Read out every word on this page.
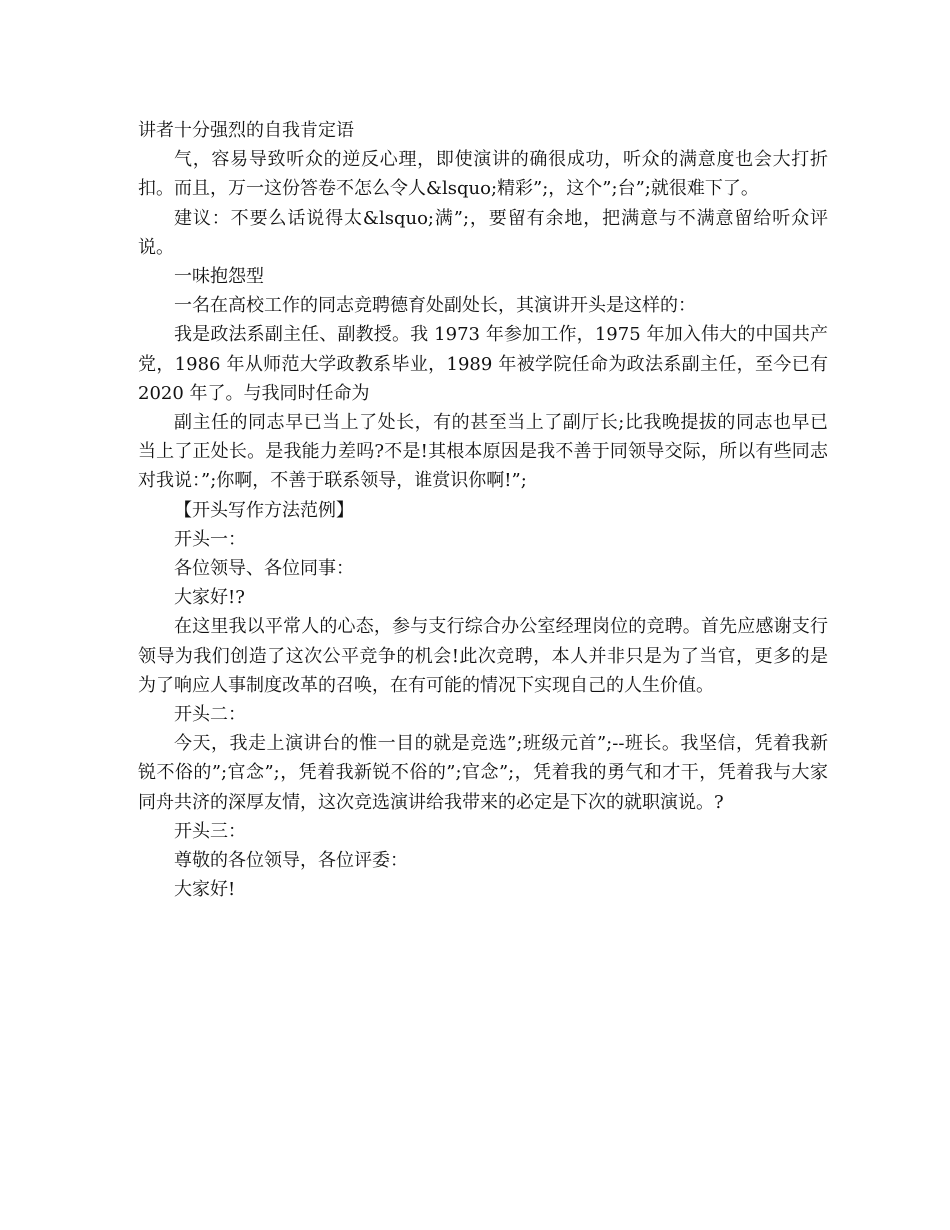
讲者十分强烈的自我肯定语

气，容易导致听众的逆反心理，即使演讲的确很成功，听众的满意度也会大打折扣。而且，万一这份答卷不怎么令人&lsquo;精彩”;，这个”;台”;就很难下了。

建议：不要么话说得太&lsquo;满”;，要留有余地，把满意与不满意留给听众评说。

一味抱怨型

一名在高校工作的同志竞聘德育处副处长，其演讲开头是这样的：

我是政法系副主任、副教授。我 1973 年参加工作，1975 年加入伟大的中国共产党，1986 年从师范大学政教系毕业，1989 年被学院任命为政法系副主任，至今已有 2020 年了。与我同时任命为

副主任的同志早已当上了处长，有的甚至当上了副厅长;比我晚提拔的同志也早已当上了正处长。是我能力差吗?不是!其根本原因是我不善于同领导交际，所以有些同志对我说：”;你啊，不善于联系领导，谁赏识你啊!”;

【开头写作方法范例】

开头一：

各位领导、各位同事：

大家好!?

在这里我以平常人的心态，参与支行综合办公室经理岗位的竞聘。首先应感谢支行领导为我们创造了这次公平竞争的机会!此次竞聘，本人并非只是为了当官，更多的是为了响应人事制度改革的召唤，在有可能的情况下实现自己的人生价值。

开头二：

今天，我走上演讲台的惟一目的就是竞选”;班级元首”;--班长。我坚信，凭着我新锐不俗的”;官念”;，凭着我新锐不俗的”;官念”;，凭着我的勇气和才干，凭着我与大家同舟共济的深厚友情，这次竞选演讲给我带来的必定是下次的就职演说。?

开头三：

尊敬的各位领导，各位评委：

大家好!
